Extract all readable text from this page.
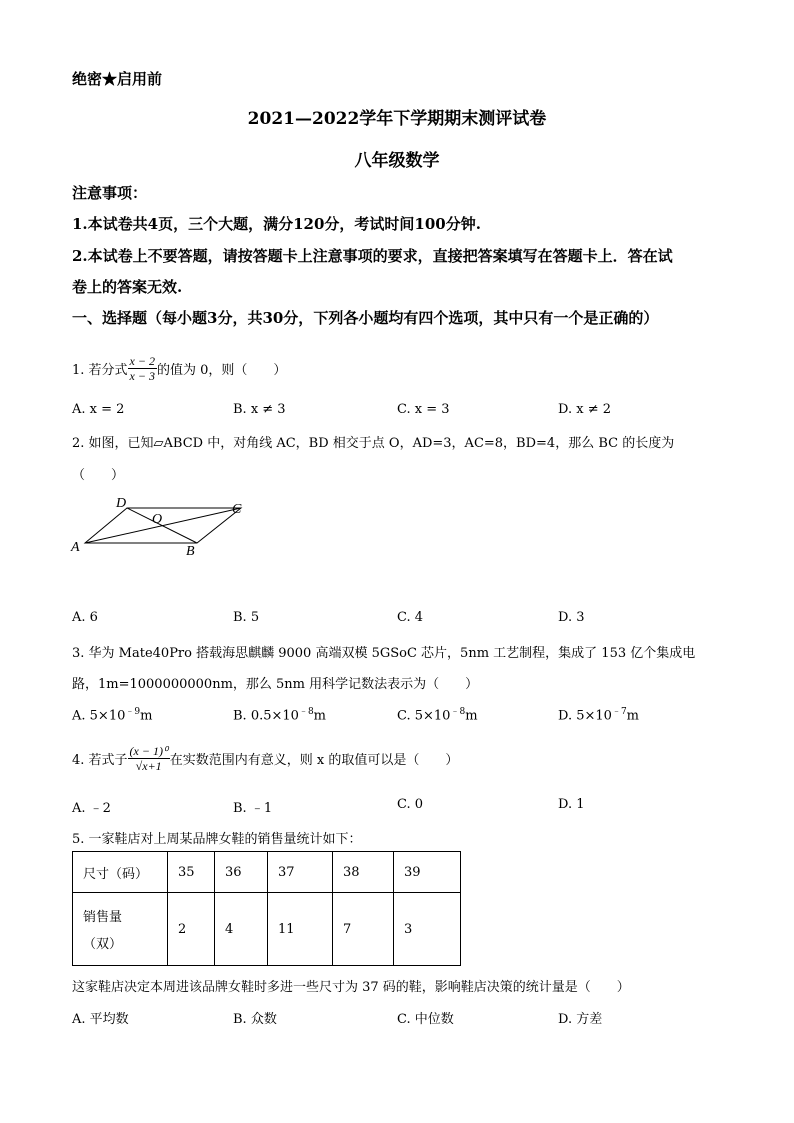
绝密★启用前
2021—2022学年下学期期末测评试卷
八年级数学
注意事项：
1.本试卷共4页，三个大题，满分120分，考试时间100分钟.
2.本试卷上不要答题，请按答题卡上注意事项的要求，直接把答案填写在答题卡上．答在试
卷上的答案无效.
一、选择题（每小题3分，共30分，下列各小题均有四个选项，其中只有一个是正确的）
1. 若分式 $\frac{x - 2}{x - 3}$ 的值为 0，则（　　）
A. x = 2	B. x ≠ 3	C. x = 3	D. x ≠ 2
2. 如图，已知▱ABCD 中，对角线 AC，BD 相交于点 O，AD=3，AC=8，BD=4，那么 BC 的长度为
（　　）
A	B
C
D
O
A. 6	B. 5	C. 4	D. 3
3. 华为 Mate40Pro 搭载海思麒麟 9000 高端双模 5GSoC 芯片，5nm 工艺制程，集成了 153 亿个集成电
路，1m=1000000000nm，那么 5nm 用科学记数法表示为（　　）
A. $5\times 10^{﹣9}m$	B. $0.5\times 10^{﹣8}m$	C. $5\times 10^{﹣8}m$	D. $5\times 10^{﹣7}m$
4. 若式子 $\frac{\text{(x − 1)⁰}}{√x+1}$ 在实数范围内有意义，则 x 的取值可以是（　　）
A. ﹣2	B. ﹣1	C. 0	D. 1
5. 一家鞋店对上周某品牌女鞋的销售量统计如下：
尺寸（码）	35	36	37	38	39

销售量
（双）	2	4	11	7	3
这家鞋店决定本周进该品牌女鞋时多进一些尺寸为 37 码的鞋，影响鞋店决策的统计量是（　　）
A. 平均数	B. 众数	C. 中位数	D. 方差
